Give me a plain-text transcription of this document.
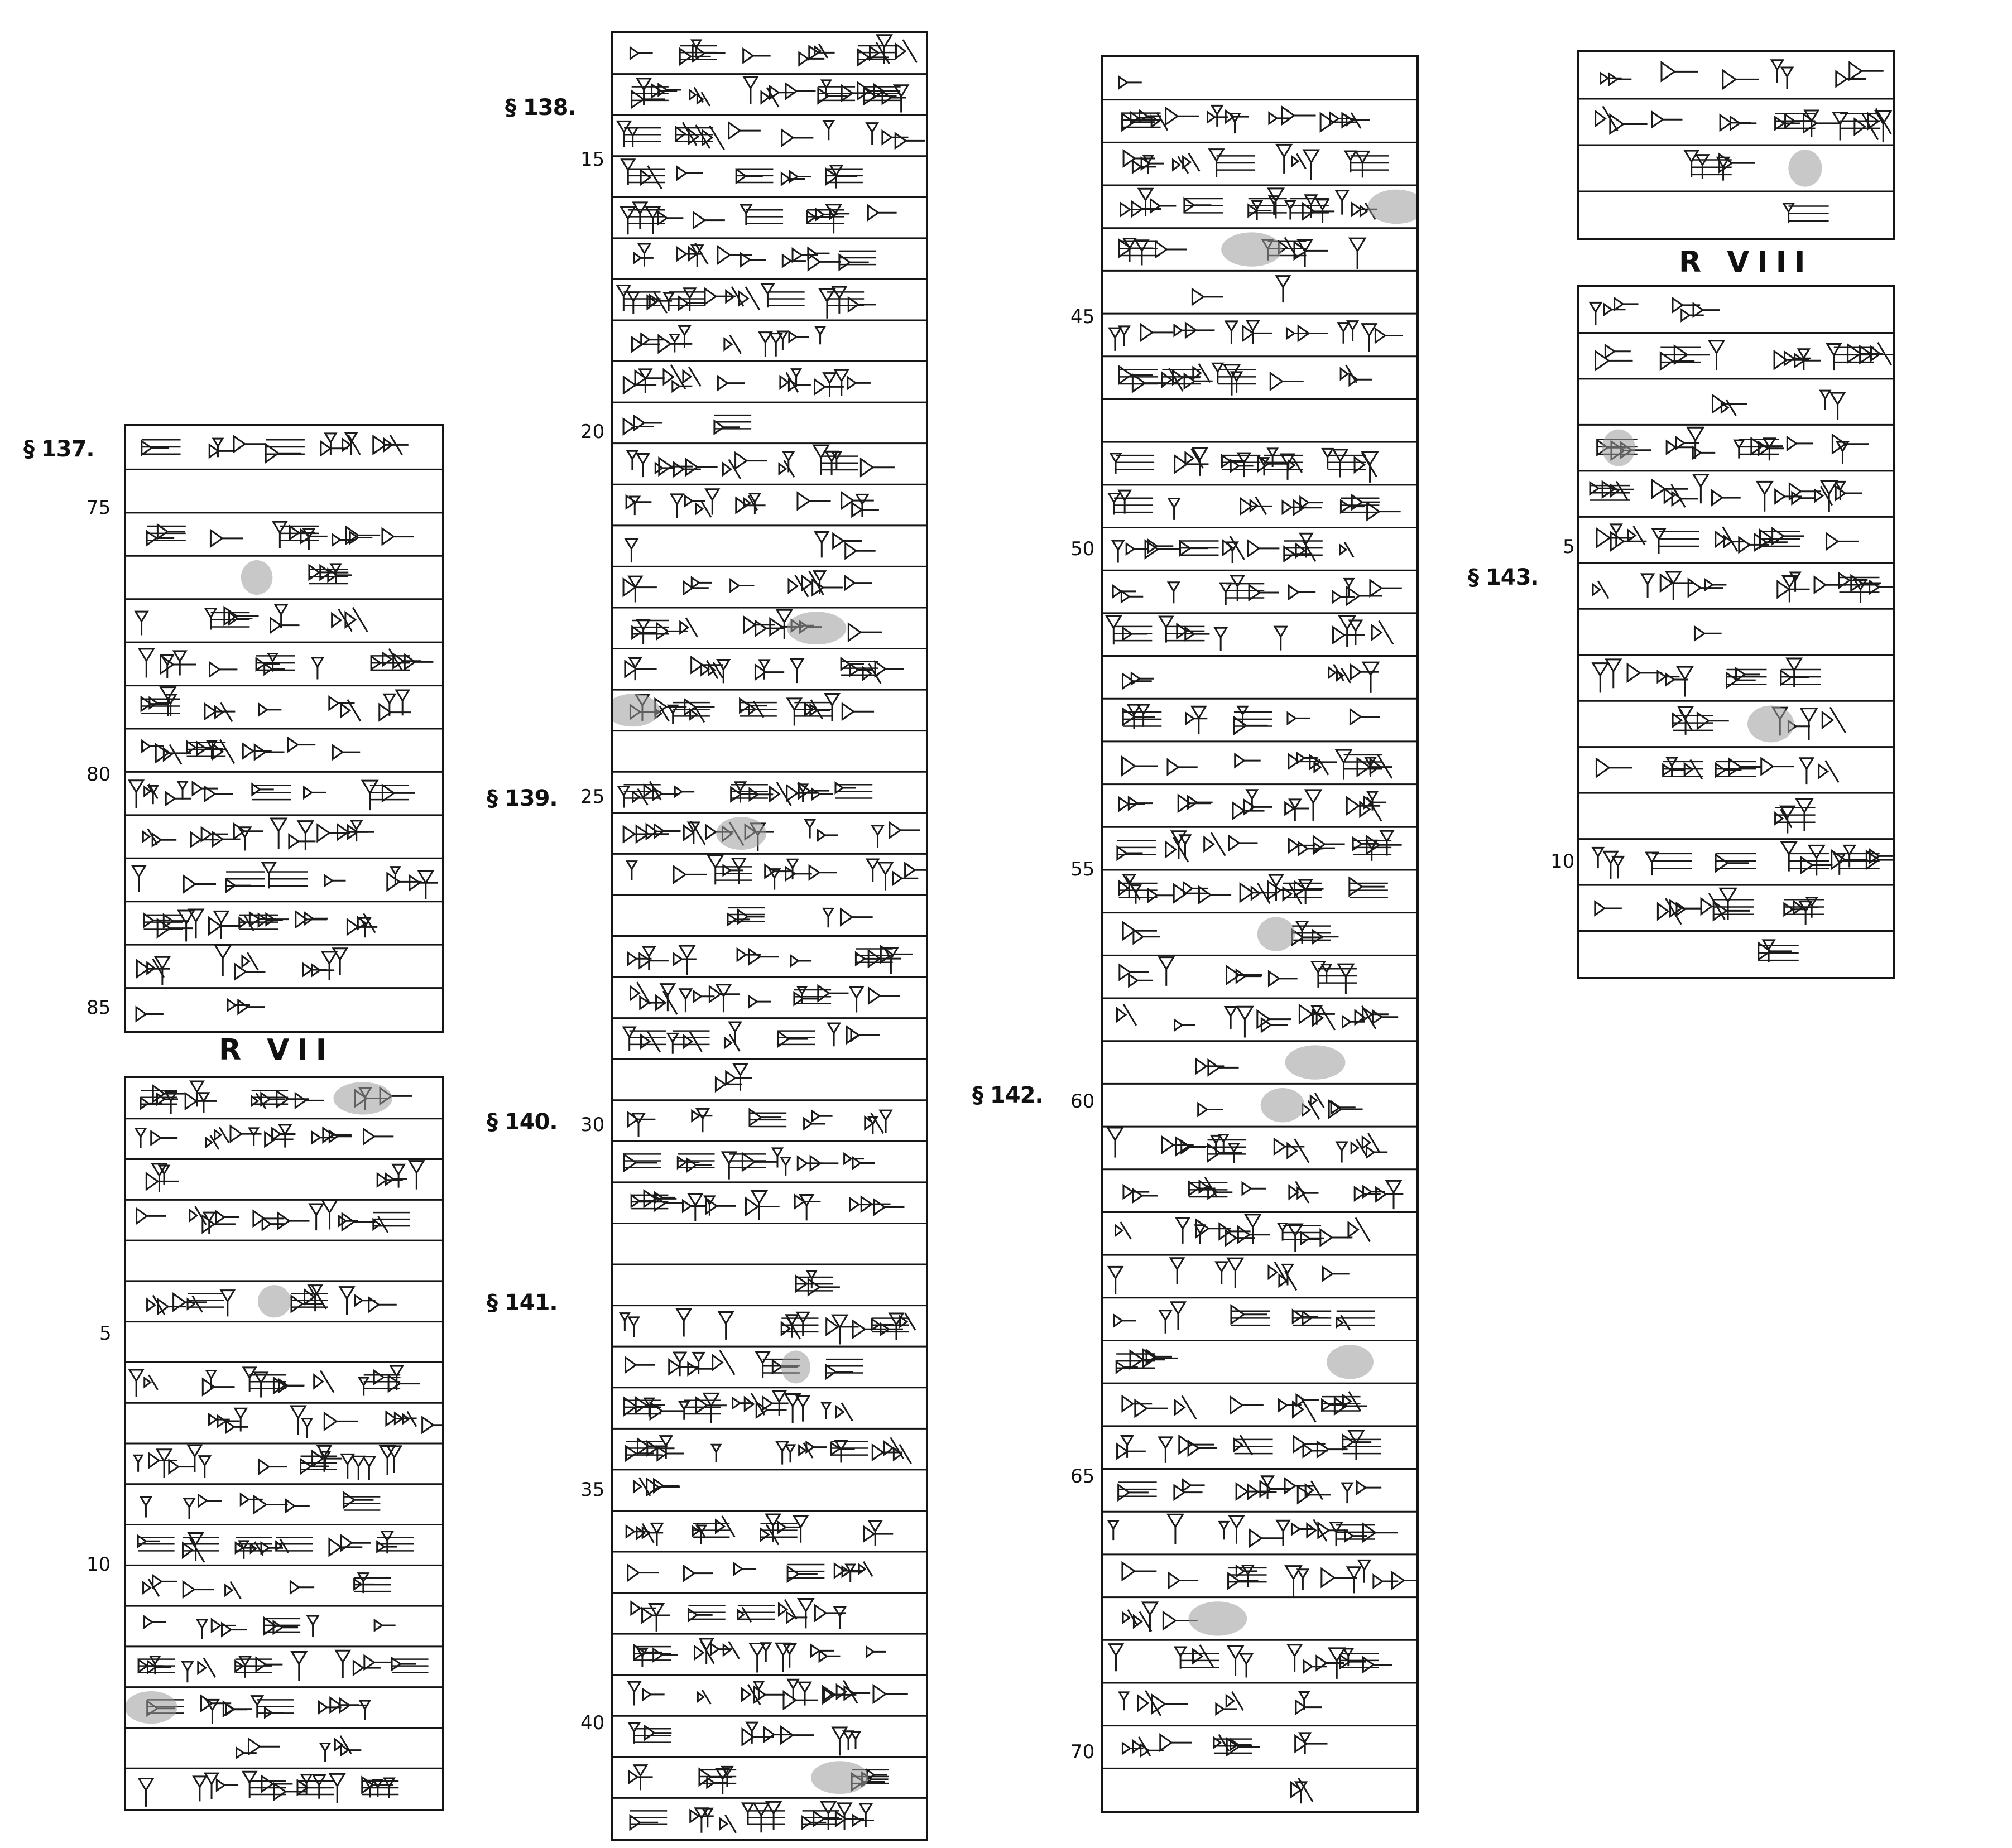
§ 137.
§ 138.
§ 139.
§ 140.
§ 141.
§ 142.
§ 143.
R VII
R VIII
75
80
85
5
10
15
20
25
30
35
40
45
50
55
60
65
70
5
10
